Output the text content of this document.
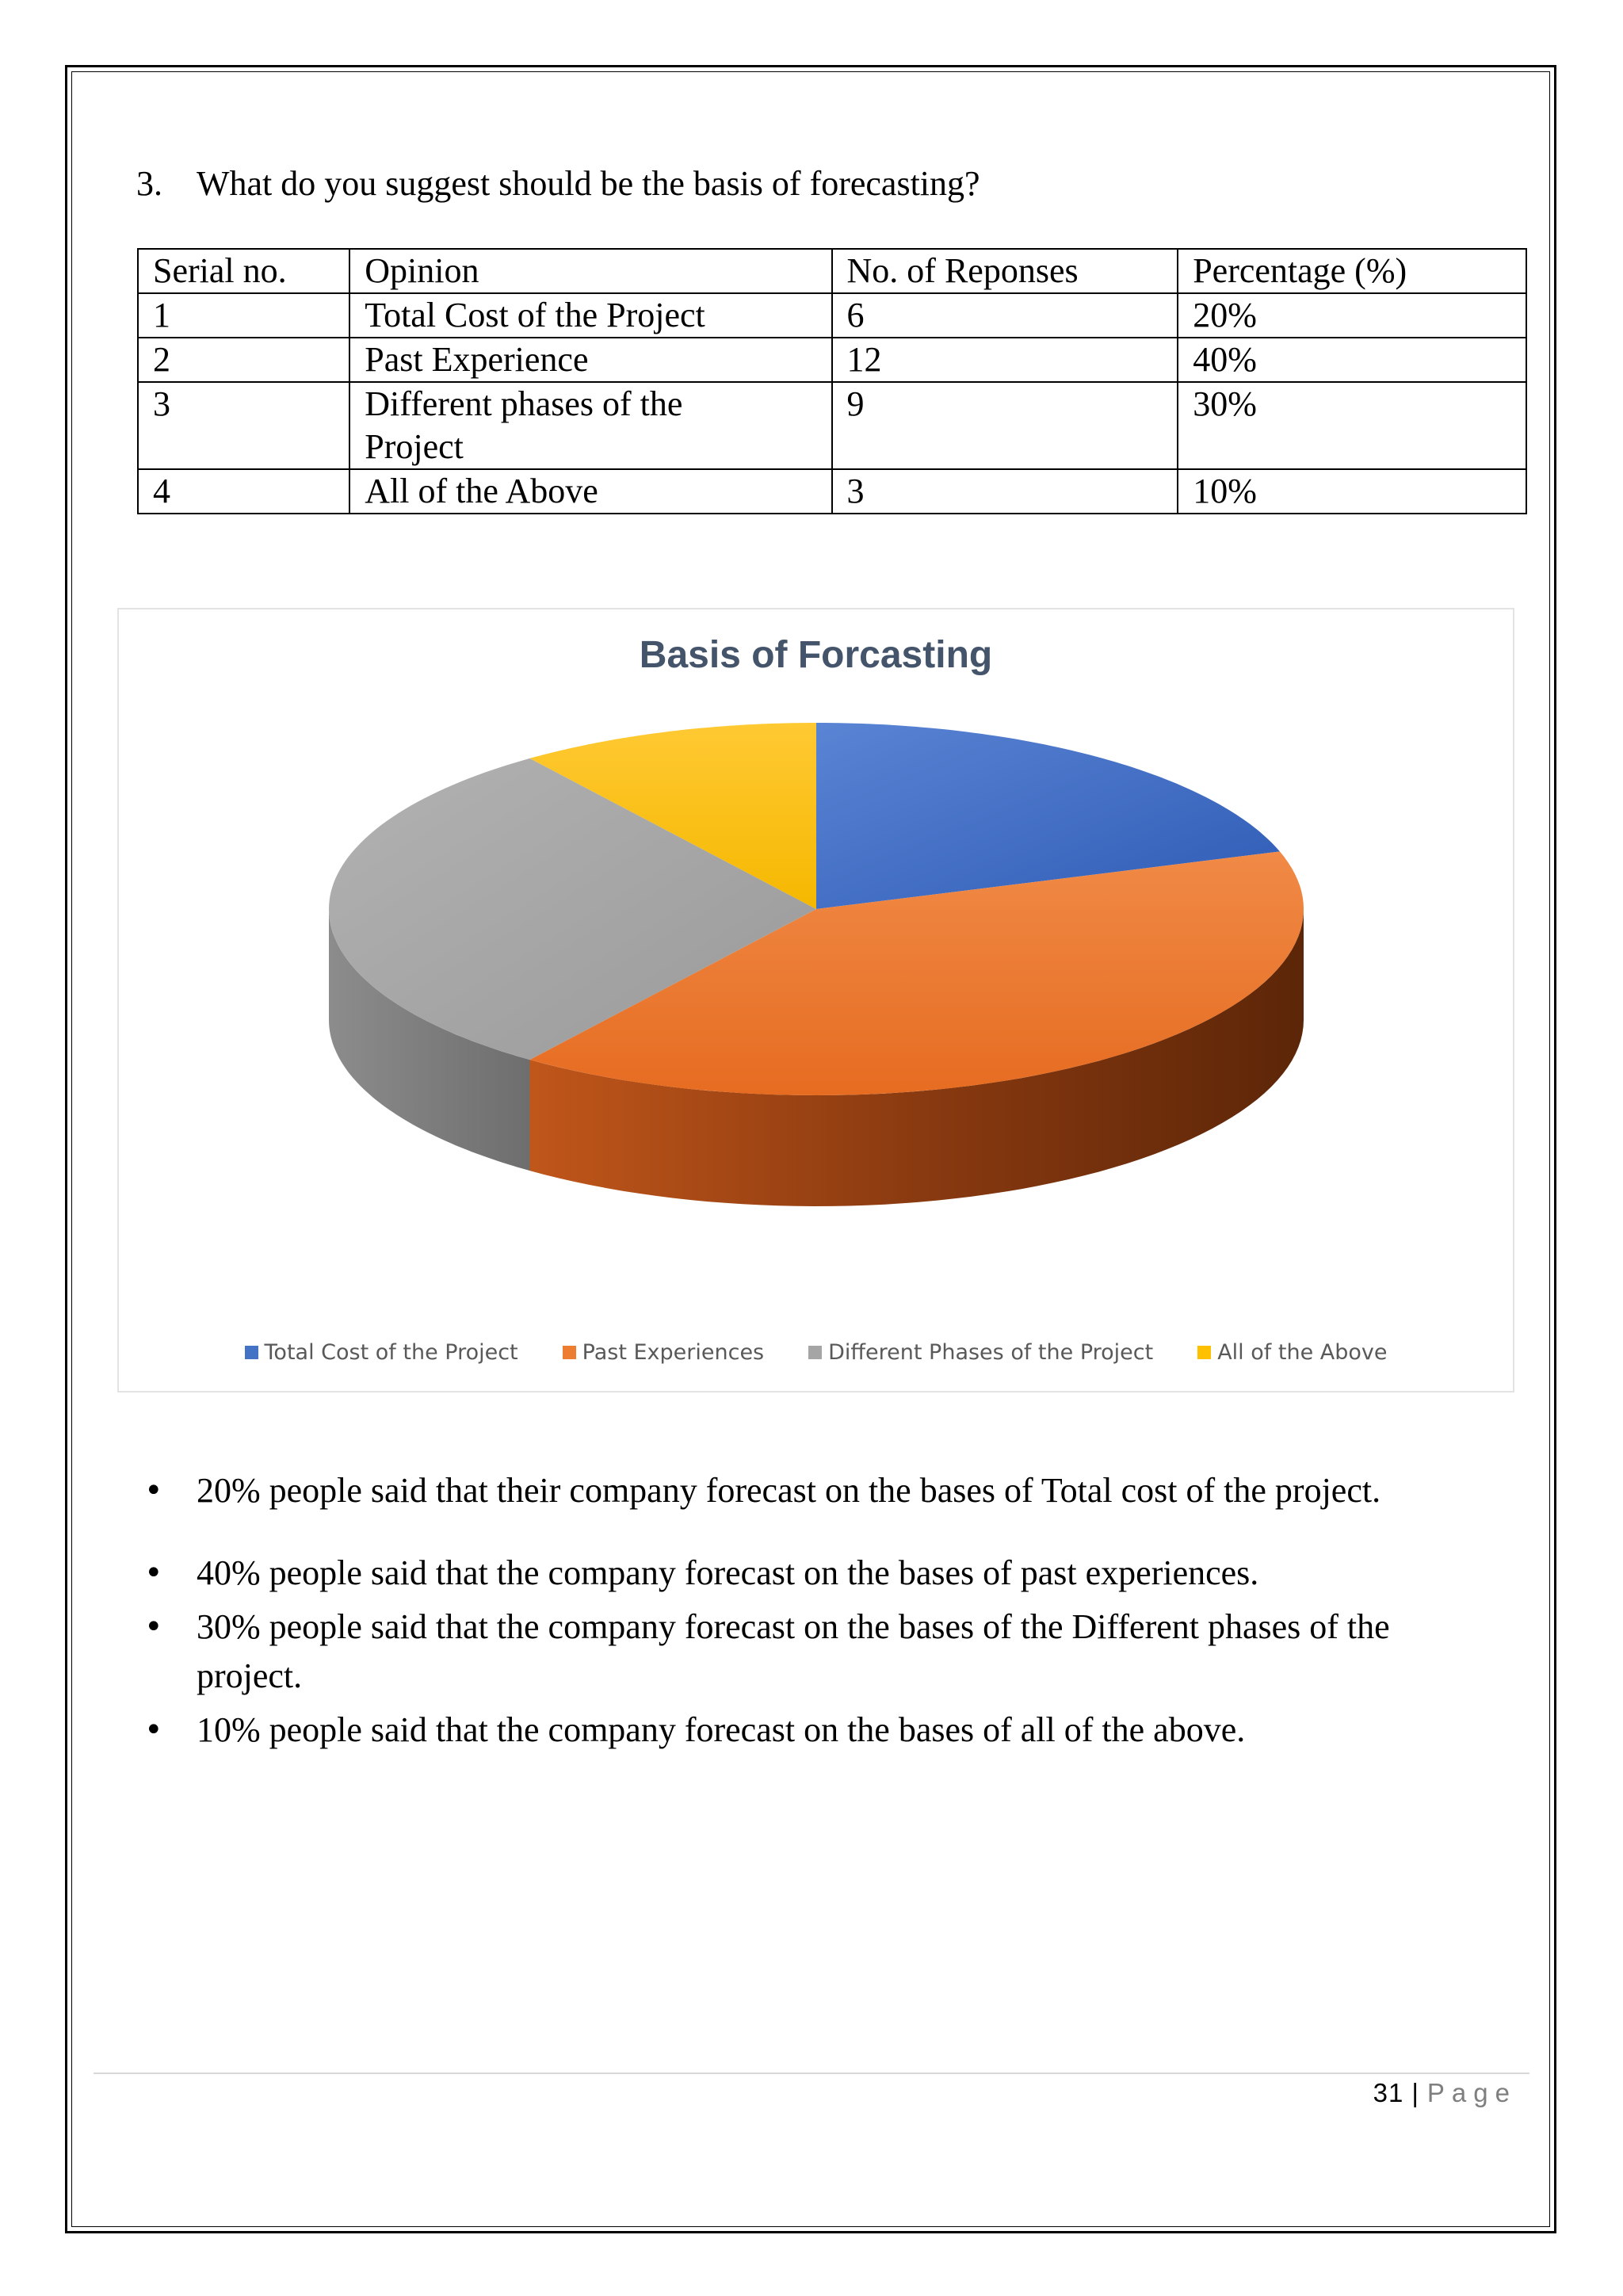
3. What do you suggest should be the basis of forecasting?
Serial no.	Opinion	No. of Reponses	Percentage (%)
1	Total Cost of the Project	6	20%
2	Past Experience	12	40%
3	Different phases of the Project	9	30%
4	All of the Above	3	10%
Basis of Forcasting
Total Cost of the Project	Past Experiences	Different Phases of the Project	All of the Above
• 20% people said that their company forecast on the bases of Total cost of the project.
• 40% people said that the company forecast on the bases of past experiences.
• 30% people said that the company forecast on the bases of the Different phases of the project.
• 10% people said that the company forecast on the bases of all of the above.
31 | Page
